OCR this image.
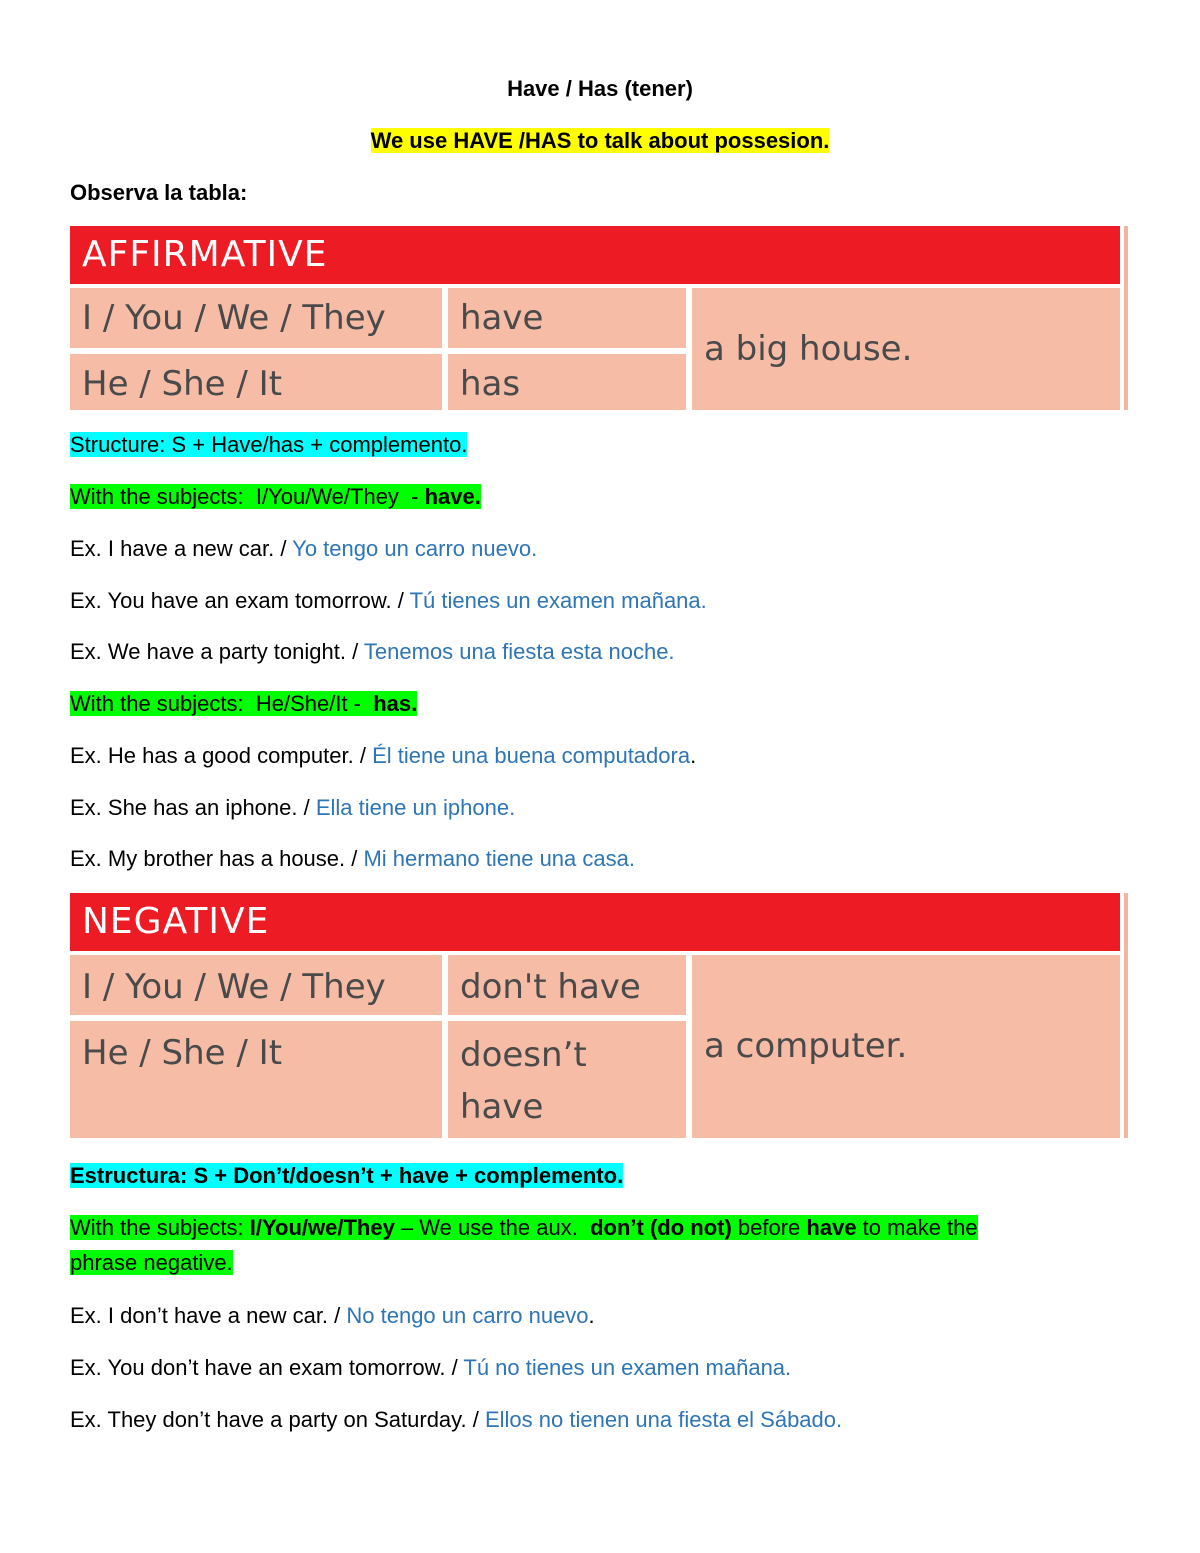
Have / Has (tener)
We use HAVE /HAS to talk about possesion.
Observa la tabla:
AFFIRMATIVE
I / You / We / They	have
He / She / It	has
a big house.
Structure: S + Have/has + complemento.
With the subjects:  I/You/We/They  - have.
Ex. I have a new car. / Yo tengo un carro nuevo.
Ex. You have an exam tomorrow. / Tú tienes un examen mañana.
Ex. We have a party tonight. / Tenemos una fiesta esta noche.
With the subjects:  He/She/It -  has.
Ex. He has a good computer. / Él tiene una buena computadora.
Ex. She has an iphone. / Ella tiene un iphone.
Ex. My brother has a house. / Mi hermano tiene una casa.
NEGATIVE
I / You / We / They	don't have
He / She / It	doesn’t
have
a computer.
Estructura: S + Don’t/doesn’t + have + complemento.
With the subjects: I/You/we/They – We use the aux.  don’t (do not) before have to make the
phrase negative.
Ex. I don’t have a new car. / No tengo un carro nuevo.
Ex. You don’t have an exam tomorrow. / Tú no tienes un examen mañana.
Ex. They don’t have a party on Saturday. / Ellos no tienen una fiesta el Sábado.
